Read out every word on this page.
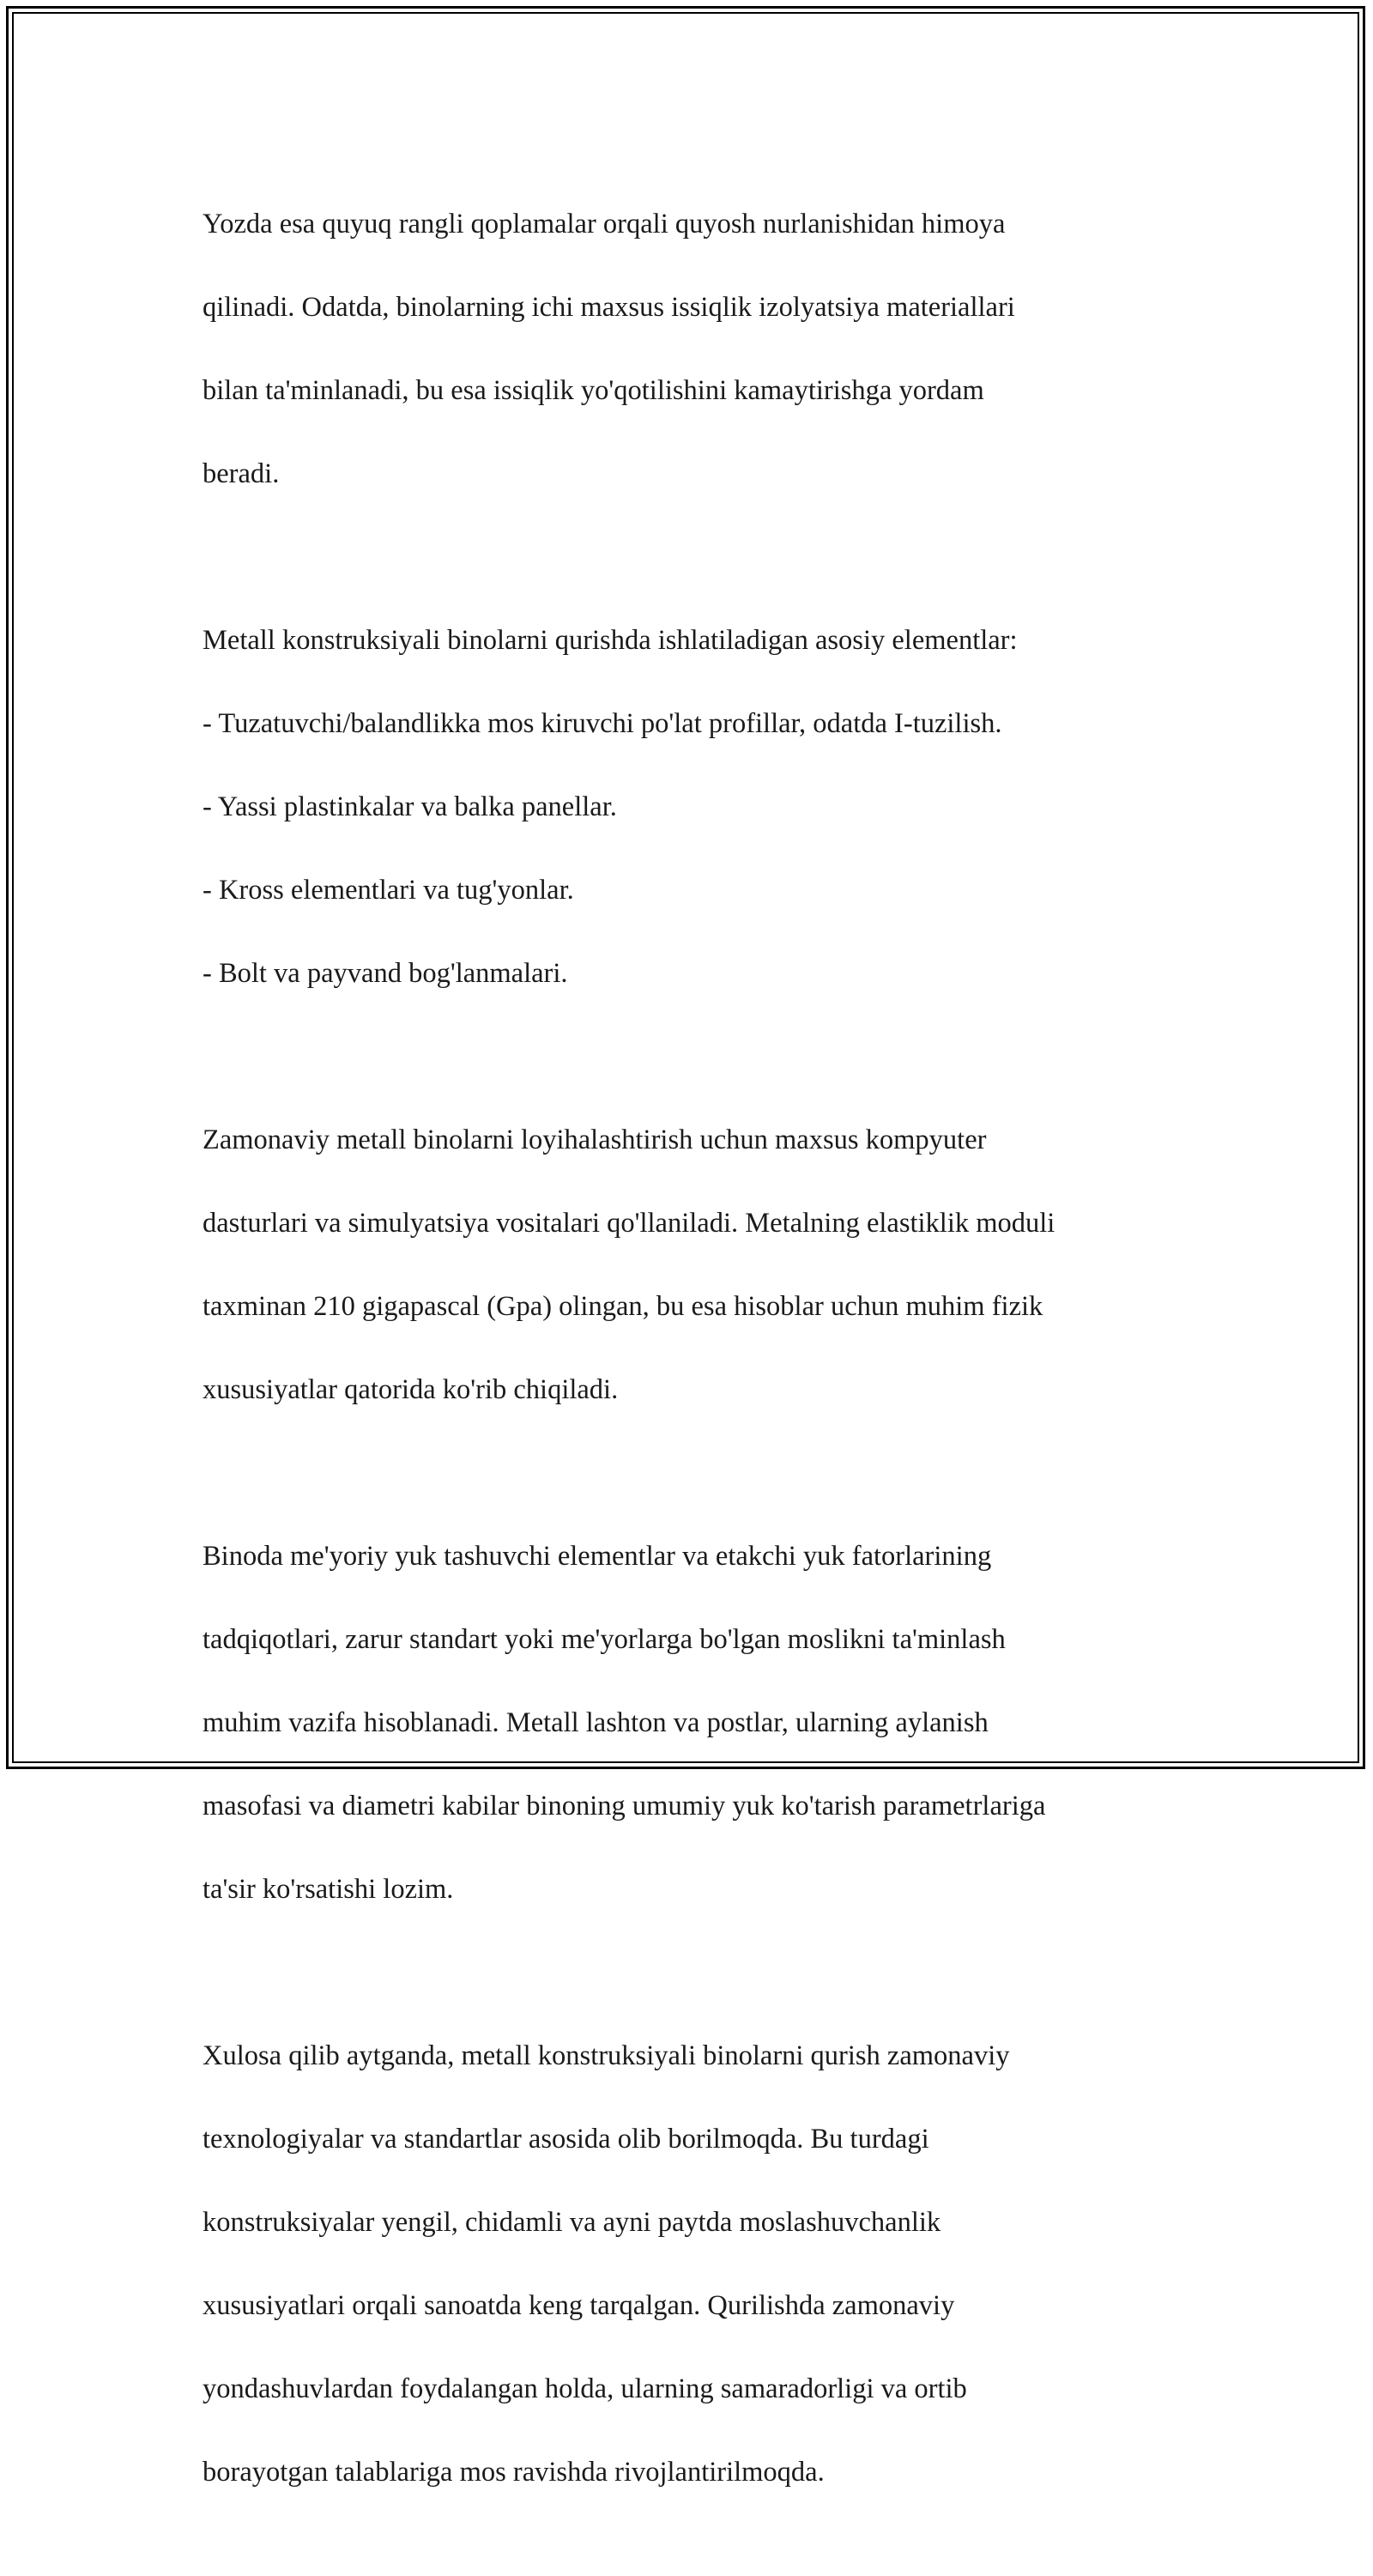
Yozda esa quyuq rangli qoplamalar orqali quyosh nurlanishidan himoya

qilinadi. Odatda, binolarning ichi maxsus issiqlik izolyatsiya materiallari

bilan ta'minlanadi, bu esa issiqlik yo'qotilishini kamaytirishga yordam

beradi.

Metall konstruksiyali binolarni qurishda ishlatiladigan asosiy elementlar:

- Tuzatuvchi/balandlikka mos kiruvchi po'lat profillar, odatda I-tuzilish.

- Yassi plastinkalar va balka panellar.

- Kross elementlari va tug'yonlar.

- Bolt va payvand bog'lanmalari.

Zamonaviy metall binolarni loyihalashtirish uchun maxsus kompyuter

dasturlari va simulyatsiya vositalari qo'llaniladi. Metalning elastiklik moduli

taxminan 210 gigapascal (Gpa) olingan, bu esa hisoblar uchun muhim fizik

xususiyatlar qatorida ko'rib chiqiladi.

Binoda me'yoriy yuk tashuvchi elementlar va etakchi yuk fatorlarining

tadqiqotlari, zarur standart yoki me'yorlarga bo'lgan moslikni ta'minlash

muhim vazifa hisoblanadi. Metall lashton va postlar, ularning aylanish

masofasi va diametri kabilar binoning umumiy yuk ko'tarish parametrlariga

ta'sir ko'rsatishi lozim.

Xulosa qilib aytganda, metall konstruksiyali binolarni qurish zamonaviy

texnologiyalar va standartlar asosida olib borilmoqda. Bu turdagi

konstruksiyalar yengil, chidamli va ayni paytda moslashuvchanlik

xususiyatlari orqali sanoatda keng tarqalgan. Qurilishda zamonaviy

yondashuvlardan foydalangan holda, ularning samaradorligi va ortib

borayotgan talablariga mos ravishda rivojlantirilmoqda.
